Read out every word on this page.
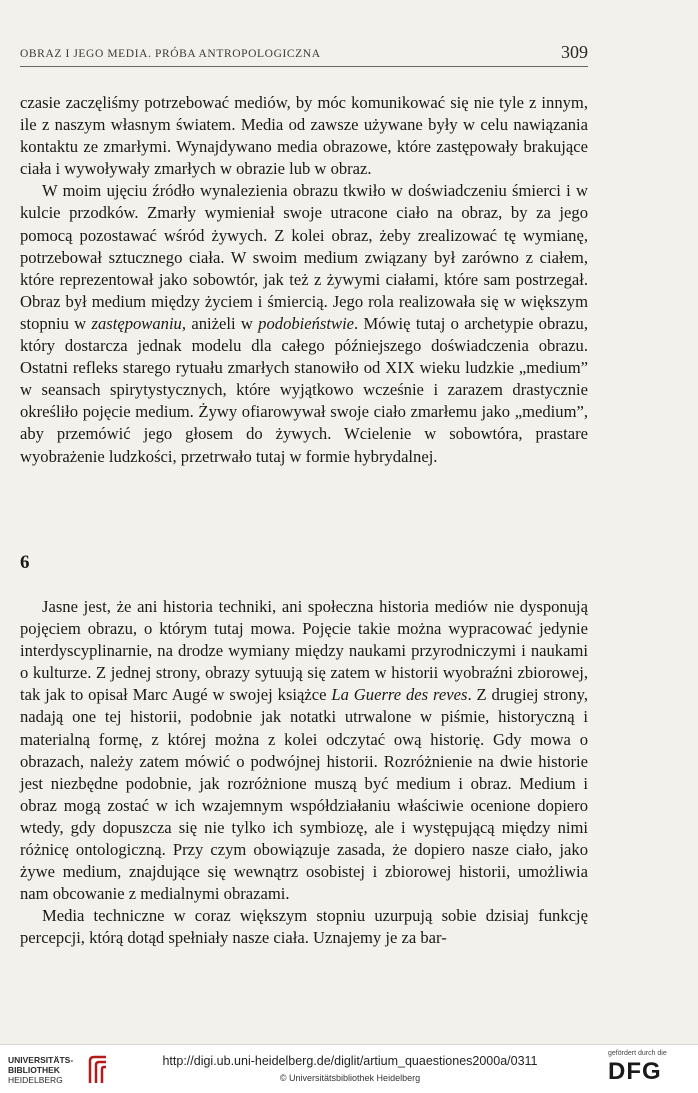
OBRAZ I JEGO MEDIA. PRÓBA ANTROPOLOGICZNA	309

czasie zaczęliśmy potrzebować mediów, by móc komunikować się nie tyle z innym, ile z naszym własnym światem. Media od zawsze używane były w celu nawiązania kontaktu ze zmarłymi. Wynajdywano media obrazowe, które zastępowały brakujące ciała i wywoływały zmarłych w obrazie lub w obraz.

W moim ujęciu źródło wynalezienia obrazu tkwiło w doświadczeniu śmierci i w kulcie przodków. Zmarły wymieniał swoje utracone ciało na obraz, by za jego pomocą pozostawać wśród żywych. Z kolei obraz, żeby zrealizować tę wymianę, potrzebował sztucznego ciała. W swoim medium związany był zarówno z ciałem, które reprezentował jako sobowtór, jak też z żywymi ciałami, które sam postrzegał. Obraz był medium między życiem i śmiercią. Jego rola realizowała się w większym stopniu w zastępowaniu, aniżeli w podobieństwie. Mówię tutaj o archetypie obrazu, który dostarcza jednak modelu dla całego późniejszego doświadczenia obrazu. Ostatni refleks starego rytuału zmarłych stanowiło od XIX wieku ludzkie „medium” w seansach spirytystycznych, które wyjątkowo wcześnie i zarazem drastycznie określiło pojęcie medium. Żywy ofiarowywał swoje ciało zmarłemu jako „medium”, aby przemówić jego głosem do żywych. Wcielenie w sobowtóra, prastare wyobrażenie ludzkości, przetrwało tutaj w formie hybrydalnej.

6

Jasne jest, że ani historia techniki, ani społeczna historia mediów nie dysponują pojęciem obrazu, o którym tutaj mowa. Pojęcie takie można wypracować jedynie interdyscyplinarnie, na drodze wymiany między naukami przyrodniczymi i naukami o kulturze. Z jednej strony, obrazy sytuują się zatem w historii wyobraźni zbiorowej, tak jak to opisał Marc Augé w swojej książce La Guerre des reves. Z drugiej strony, nadają one tej historii, podobnie jak notatki utrwalone w piśmie, historyczną i materialną formę, z której można z kolei odczytać ową historię. Gdy mowa o obrazach, należy zatem mówić o podwójnej historii. Rozróżnienie na dwie historie jest niezbędne podobnie, jak rozróżnione muszą być medium i obraz. Medium i obraz mogą zostać w ich wzajemnym współdziałaniu właściwie ocenione dopiero wtedy, gdy dopuszcza się nie tylko ich symbiozę, ale i występującą między nimi różnicę ontologiczną. Przy czym obowiązuje zasada, że dopiero nasze ciało, jako żywe medium, znajdujące się wewnątrz osobistej i zbiorowej historii, umożliwia nam obcowanie z medialnymi obrazami.

Media techniczne w coraz większym stopniu uzurpują sobie dzisiaj funkcję percepcji, którą dotąd spełniały nasze ciała. Uznajemy je za bar-

UNIVERSITÄTS-
BIBLIOTHEK
HEIDELBERG
http://digi.ub.uni-heidelberg.de/diglit/artium_quaestiones2000a/0311
© Universitätsbibliothek Heidelberg
gefördert durch die
DFG
